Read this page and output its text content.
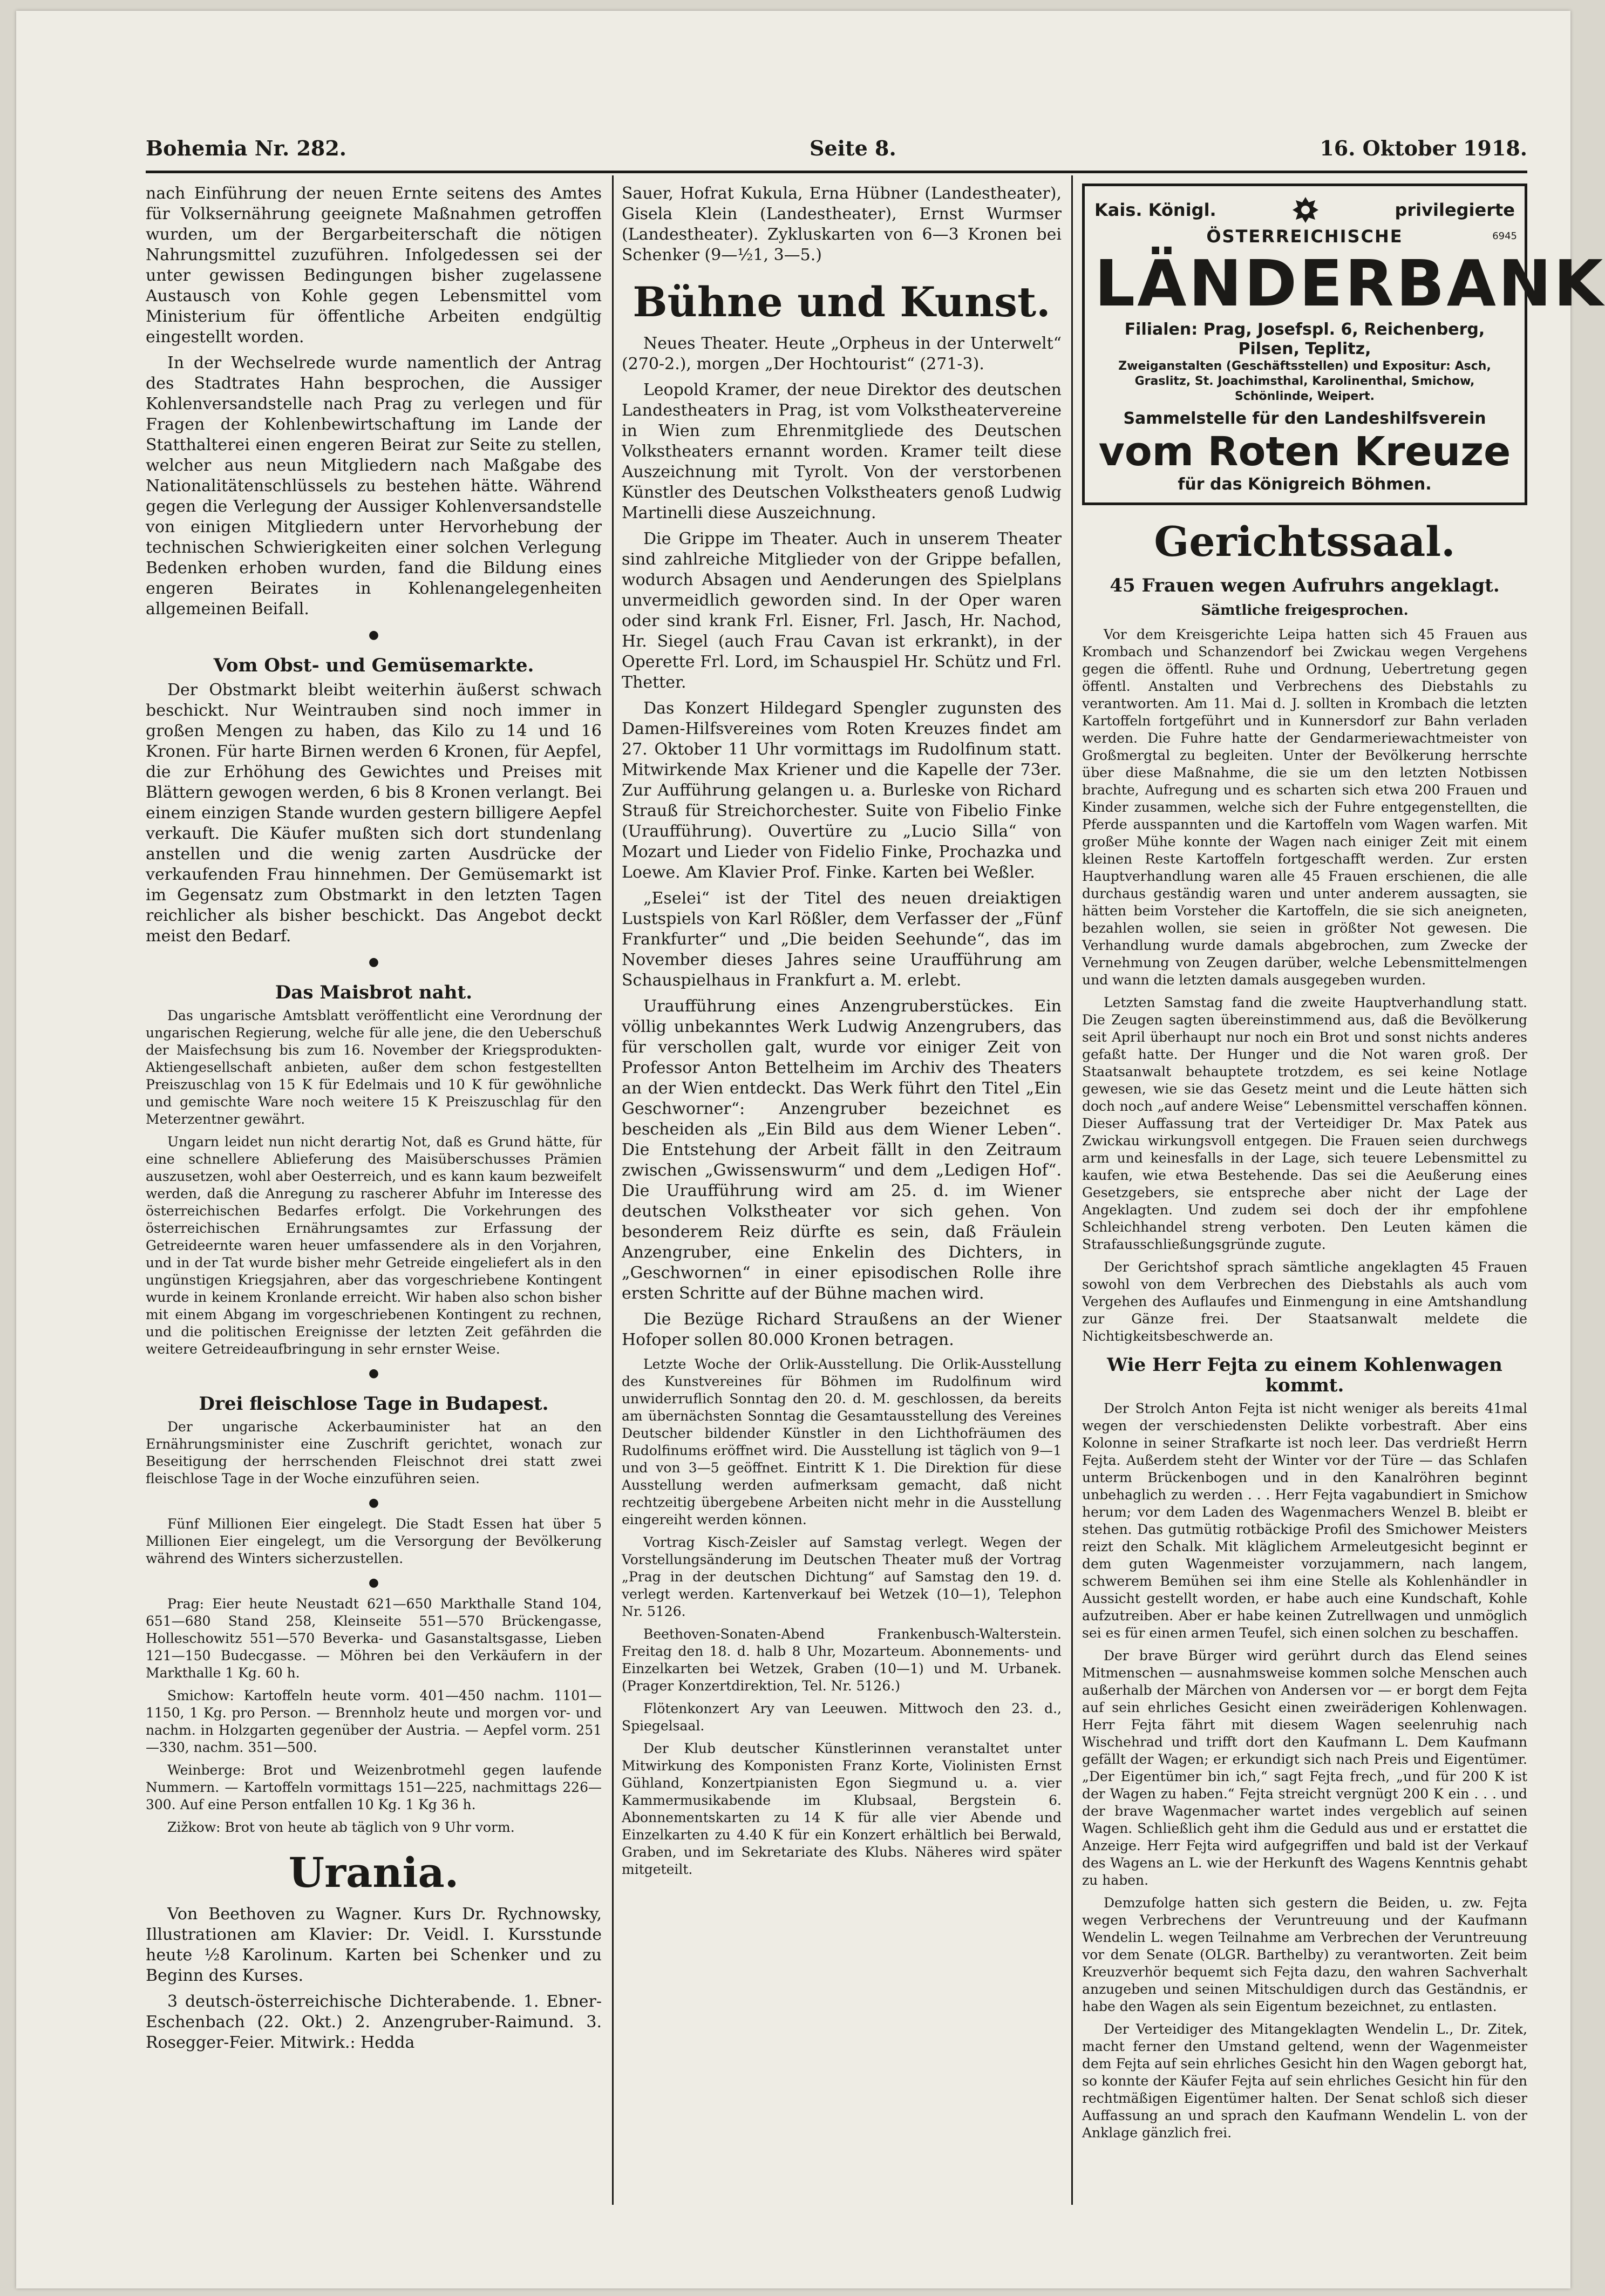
Bohemia Nr. 282.	Seite 8.	16. Oktober 1918.

nach Einführung der neuen Ernte seitens des Amtes für Volksernährung geeignete Maßnahmen getroffen wurden, um der Bergarbeiterschaft die nötigen Nahrungsmittel zuzuführen. Infolgedessen sei der unter gewissen Bedingungen bisher zugelassene Austausch von Kohle gegen Lebensmittel vom Ministerium für öffentliche Arbeiten endgültig eingestellt worden.

In der Wechselrede wurde namentlich der Antrag des Stadtrates Hahn besprochen, die Aussiger Kohlenversandstelle nach Prag zu verlegen und für Fragen der Kohlenbewirtschaftung im Lande der Statthalterei einen engeren Beirat zur Seite zu stellen, welcher aus neun Mitgliedern nach Maßgabe des Nationalitätenschlüssels zu bestehen hätte. Während gegen die Verlegung der Aussiger Kohlenversandstelle von einigen Mitgliedern unter Hervorhebung der technischen Schwierigkeiten einer solchen Verlegung Bedenken erhoben wurden, fand die Bildung eines engeren Beirates in Kohlenangelegenheiten allgemeinen Beifall.

●
Vom Obst- und Gemüsemarkte.

Der Obstmarkt bleibt weiterhin äußerst schwach beschickt. Nur Weintrauben sind noch immer in großen Mengen zu haben, das Kilo zu 14 und 16 Kronen. Für harte Birnen werden 6 Kronen, für Aepfel, die zur Erhöhung des Gewichtes und Preises mit Blättern gewogen werden, 6 bis 8 Kronen verlangt. Bei einem einzigen Stande wurden gestern billigere Aepfel verkauft. Die Käufer mußten sich dort stundenlang anstellen und die wenig zarten Ausdrücke der verkaufenden Frau hinnehmen. Der Gemüsemarkt ist im Gegensatz zum Obstmarkt in den letzten Tagen reichlicher als bisher beschickt. Das Angebot deckt meist den Bedarf.

●
Das Maisbrot naht.

Das ungarische Amtsblatt veröffentlicht eine Verordnung der ungarischen Regierung, welche für alle jene, die den Ueberschuß der Maisfechsung bis zum 16. November der Kriegsprodukten-Aktiengesellschaft anbieten, außer dem schon festgestellten Preiszuschlag von 15 K für Edelmais und 10 K für gewöhnliche und gemischte Ware noch weitere 15 K Preiszuschlag für den Meterzentner gewährt.

Ungarn leidet nun nicht derartig Not, daß es Grund hätte, für eine schnellere Ablieferung des Maisüberschusses Prämien auszusetzen, wohl aber Oesterreich, und es kann kaum bezweifelt werden, daß die Anregung zu rascherer Abfuhr im Interesse des österreichischen Bedarfes erfolgt. Die Vorkehrungen des österreichischen Ernährungsamtes zur Erfassung der Getreideernte waren heuer umfassendere als in den Vorjahren, und in der Tat wurde bisher mehr Getreide eingeliefert als in den ungünstigen Kriegsjahren, aber das vorgeschriebene Kontingent wurde in keinem Kronlande erreicht. Wir haben also schon bisher mit einem Abgang im vorgeschriebenen Kontingent zu rechnen, und die politischen Ereignisse der letzten Zeit gefährden die weitere Getreideaufbringung in sehr ernster Weise.

●
Drei fleischlose Tage in Budapest.

Der ungarische Ackerbauminister hat an den Ernährungsminister eine Zuschrift gerichtet, wonach zur Beseitigung der herrschenden Fleischnot drei statt zwei fleischlose Tage in der Woche einzuführen seien.

●

Fünf Millionen Eier eingelegt. Die Stadt Essen hat über 5 Millionen Eier eingelegt, um die Versorgung der Bevölkerung während des Winters sicherzustellen.

●

Prag: Eier heute Neustadt 621—650 Markthalle Stand 104, 651—680 Stand 258, Kleinseite 551—570 Brückengasse, Holleschowitz 551—570 Beverka- und Gasanstaltsgasse, Lieben 121—150 Budecgasse. — Möhren bei den Verkäufern in der Markthalle 1 Kg. 60 h.

Smichow: Kartoffeln heute vorm. 401—450 nachm. 1101—1150, 1 Kg. pro Person. — Brennholz heute und morgen vor- und nachm. in Holzgarten gegenüber der Austria. — Aepfel vorm. 251—330, nachm. 351—500.

Weinberge: Brot und Weizenbrotmehl gegen laufende Nummern. — Kartoffeln vormittags 151—225, nachmittags 226—300. Auf eine Person entfallen 10 Kg. 1 Kg 36 h.

Zižkow: Brot von heute ab täglich von 9 Uhr vorm.

Urania.

Von Beethoven zu Wagner. Kurs Dr. Rychnowsky, Illustrationen am Klavier: Dr. Veidl. I. Kursstunde heute ½8 Karolinum. Karten bei Schenker und zu Beginn des Kurses.

3 deutsch-österreichische Dichterabende. 1. Ebner-Eschenbach (22. Okt.) 2. Anzengruber-Raimund. 3. Rosegger-Feier. Mitwirk.: Hedda

Sauer, Hofrat Kukula, Erna Hübner (Landestheater), Gisela Klein (Landestheater), Ernst Wurmser (Landestheater). Zykluskarten von 6—3 Kronen bei Schenker (9—½1, 3—5.)

Bühne und Kunst.

Neues Theater. Heute „Orpheus in der Unterwelt“ (270-2.), morgen „Der Hochtourist“ (271-3).

Leopold Kramer, der neue Direktor des deutschen Landestheaters in Prag, ist vom Volkstheatervereine in Wien zum Ehrenmitgliede des Deutschen Volkstheaters ernannt worden. Kramer teilt diese Auszeichnung mit Tyrolt. Von der verstorbenen Künstler des Deutschen Volkstheaters genoß Ludwig Martinelli diese Auszeichnung.

Die Grippe im Theater. Auch in unserem Theater sind zahlreiche Mitglieder von der Grippe befallen, wodurch Absagen und Aenderungen des Spielplans unvermeidlich geworden sind. In der Oper waren oder sind krank Frl. Eisner, Frl. Jasch, Hr. Nachod, Hr. Siegel (auch Frau Cavan ist erkrankt), in der Operette Frl. Lord, im Schauspiel Hr. Schütz und Frl. Thetter.

Das Konzert Hildegard Spengler zugunsten des Damen-Hilfsvereines vom Roten Kreuzes findet am 27. Oktober 11 Uhr vormittags im Rudolfinum statt. Mitwirkende Max Kriener und die Kapelle der 73er. Zur Aufführung gelangen u. a. Burleske von Richard Strauß für Streichorchester. Suite von Fibelio Finke (Uraufführung). Ouvertüre zu „Lucio Silla“ von Mozart und Lieder von Fidelio Finke, Prochazka und Loewe. Am Klavier Prof. Finke. Karten bei Weßler.

„Eselei“ ist der Titel des neuen dreiaktigen Lustspiels von Karl Rößler, dem Verfasser der „Fünf Frankfurter“ und „Die beiden Seehunde“, das im November dieses Jahres seine Uraufführung am Schauspielhaus in Frankfurt a. M. erlebt.

Uraufführung eines Anzengruberstückes. Ein völlig unbekanntes Werk Ludwig Anzengrubers, das für verschollen galt, wurde vor einiger Zeit von Professor Anton Bettelheim im Archiv des Theaters an der Wien entdeckt. Das Werk führt den Titel „Ein Geschworner“: Anzengruber bezeichnet es bescheiden als „Ein Bild aus dem Wiener Leben“. Die Entstehung der Arbeit fällt in den Zeitraum zwischen „Gwissenswurm“ und dem „Ledigen Hof“. Die Uraufführung wird am 25. d. im Wiener deutschen Volkstheater vor sich gehen. Von besonderem Reiz dürfte es sein, daß Fräulein Anzengruber, eine Enkelin des Dichters, in „Geschwornen“ in einer episodischen Rolle ihre ersten Schritte auf der Bühne machen wird.

Die Bezüge Richard Straußens an der Wiener Hofoper sollen 80.000 Kronen betragen.

Letzte Woche der Orlik-Ausstellung. Die Orlik-Ausstellung des Kunstvereines für Böhmen im Rudolfinum wird unwiderruflich Sonntag den 20. d. M. geschlossen, da bereits am übernächsten Sonntag die Gesamtausstellung des Vereines Deutscher bildender Künstler in den Lichthofräumen des Rudolfinums eröffnet wird. Die Ausstellung ist täglich von 9—1 und von 3—5 geöffnet. Eintritt K 1. Die Direktion für diese Ausstellung werden aufmerksam gemacht, daß nicht rechtzeitig übergebene Arbeiten nicht mehr in die Ausstellung eingereiht werden können.

Vortrag Kisch-Zeisler auf Samstag verlegt. Wegen der Vorstellungsänderung im Deutschen Theater muß der Vortrag „Prag in der deutschen Dichtung“ auf Samstag den 19. d. verlegt werden. Kartenverkauf bei Wetzek (10—1), Telephon Nr. 5126.

Beethoven-Sonaten-Abend Frankenbusch-Walterstein. Freitag den 18. d. halb 8 Uhr, Mozarteum. Abonnements- und Einzelkarten bei Wetzek, Graben (10—1) und M. Urbanek. (Prager Konzertdirektion, Tel. Nr. 5126.)

Flötenkonzert Ary van Leeuwen. Mittwoch den 23. d., Spiegelsaal.

Der Klub deutscher Künstlerinnen veranstaltet unter Mitwirkung des Komponisten Franz Korte, Violinisten Ernst Gühland, Konzertpianisten Egon Siegmund u. a. vier Kammermusikabende im Klubsaal, Bergstein 6. Abonnementskarten zu 14 K für alle vier Abende und Einzelkarten zu 4.40 K für ein Konzert erhältlich bei Berwald, Graben, und im Sekretariate des Klubs. Näheres wird später mitgeteilt.

Kais. Königl.	privilegierte
ÖSTERREICHISCHE	6945
LÄNDERBANK
Filialen: Prag, Josefspl. 6, Reichenberg, Pilsen, Teplitz,
Zweiganstalten (Geschäftsstellen) und Expositur: Asch, Graslitz, St. Joachimsthal, Karolinenthal, Smichow, Schönlinde, Weipert.
Sammelstelle für den Landeshilfsverein
vom Roten Kreuze
für das Königreich Böhmen.
Gerichtssaal.
45 Frauen wegen Aufruhrs angeklagt.
Sämtliche freigesprochen.

Vor dem Kreisgerichte Leipa hatten sich 45 Frauen aus Krombach und Schanzendorf bei Zwickau wegen Vergehens gegen die öffentl. Ruhe und Ordnung, Uebertretung gegen öffentl. Anstalten und Verbrechens des Diebstahls zu verantworten. Am 11. Mai d. J. sollten in Krombach die letzten Kartoffeln fortgeführt und in Kunnersdorf zur Bahn verladen werden. Die Fuhre hatte der Gendarmeriewachtmeister von Großmergtal zu begleiten. Unter der Bevölkerung herrschte über diese Maßnahme, die sie um den letzten Notbissen brachte, Aufregung und es scharten sich etwa 200 Frauen und Kinder zusammen, welche sich der Fuhre entgegenstellten, die Pferde ausspannten und die Kartoffeln vom Wagen warfen. Mit großer Mühe konnte der Wagen nach einiger Zeit mit einem kleinen Reste Kartoffeln fortgeschafft werden. Zur ersten Hauptverhandlung waren alle 45 Frauen erschienen, die alle durchaus geständig waren und unter anderem aussagten, sie hätten beim Vorsteher die Kartoffeln, die sie sich aneigneten, bezahlen wollen, sie seien in größter Not gewesen. Die Verhandlung wurde damals abgebrochen, zum Zwecke der Vernehmung von Zeugen darüber, welche Lebensmittelmengen und wann die letzten damals ausgegeben wurden.

Letzten Samstag fand die zweite Hauptverhandlung statt. Die Zeugen sagten übereinstimmend aus, daß die Bevölkerung seit April überhaupt nur noch ein Brot und sonst nichts anderes gefaßt hatte. Der Hunger und die Not waren groß. Der Staatsanwalt behauptete trotzdem, es sei keine Notlage gewesen, wie sie das Gesetz meint und die Leute hätten sich doch noch „auf andere Weise“ Lebensmittel verschaffen können. Dieser Auffassung trat der Verteidiger Dr. Max Patek aus Zwickau wirkungsvoll entgegen. Die Frauen seien durchwegs arm und keinesfalls in der Lage, sich teuere Lebensmittel zu kaufen, wie etwa Bestehende. Das sei die Aeußerung eines Gesetzgebers, sie entspreche aber nicht der Lage der Angeklagten. Und zudem sei doch der ihr empfohlene Schleichhandel streng verboten. Den Leuten kämen die Strafausschließungsgründe zugute.

Der Gerichtshof sprach sämtliche angeklagten 45 Frauen sowohl von dem Verbrechen des Diebstahls als auch vom Vergehen des Auflaufes und Einmengung in eine Amtshandlung zur Gänze frei. Der Staatsanwalt meldete die Nichtigkeitsbeschwerde an.

Wie Herr Fejta zu einem Kohlenwagen kommt.

Der Strolch Anton Fejta ist nicht weniger als bereits 41mal wegen der verschiedensten Delikte vorbestraft. Aber eins Kolonne in seiner Strafkarte ist noch leer. Das verdrießt Herrn Fejta. Außerdem steht der Winter vor der Türe — das Schlafen unterm Brückenbogen und in den Kanalröhren beginnt unbehaglich zu werden . . . Herr Fejta vagabundiert in Smichow herum; vor dem Laden des Wagenmachers Wenzel B. bleibt er stehen. Das gutmütig rotbäckige Profil des Smichower Meisters reizt den Schalk. Mit kläglichem Armeleutgesicht beginnt er dem guten Wagenmeister vorzujammern, nach langem, schwerem Bemühen sei ihm eine Stelle als Kohlenhändler in Aussicht gestellt worden, er habe auch eine Kundschaft, Kohle aufzutreiben. Aber er habe keinen Zutrellwagen und unmöglich sei es für einen armen Teufel, sich einen solchen zu beschaffen.

Der brave Bürger wird gerührt durch das Elend seines Mitmenschen — ausnahmsweise kommen solche Menschen auch außerhalb der Märchen von Andersen vor — er borgt dem Fejta auf sein ehrliches Gesicht einen zweiräderigen Kohlenwagen. Herr Fejta fährt mit diesem Wagen seelenruhig nach Wischehrad und trifft dort den Kaufmann L. Dem Kaufmann gefällt der Wagen; er erkundigt sich nach Preis und Eigentümer. „Der Eigentümer bin ich,“ sagt Fejta frech, „und für 200 K ist der Wagen zu haben.“ Fejta streicht vergnügt 200 K ein . . . und der brave Wagenmacher wartet indes vergeblich auf seinen Wagen. Schließlich geht ihm die Geduld aus und er erstattet die Anzeige. Herr Fejta wird aufgegriffen und bald ist der Verkauf des Wagens an L. wie der Herkunft des Wagens Kenntnis gehabt zu haben.

Demzufolge hatten sich gestern die Beiden, u. zw. Fejta wegen Verbrechens der Veruntreuung und der Kaufmann Wendelin L. wegen Teilnahme am Verbrechen der Veruntreuung vor dem Senate (OLGR. Barthelby) zu verantworten. Zeit beim Kreuzverhör bequemt sich Fejta dazu, den wahren Sachverhalt anzugeben und seinen Mitschuldigen durch das Geständnis, er habe den Wagen als sein Eigentum bezeichnet, zu entlasten.

Der Verteidiger des Mitangeklagten Wendelin L., Dr. Zitek, macht ferner den Umstand geltend, wenn der Wagenmeister dem Fejta auf sein ehrliches Gesicht hin den Wagen geborgt hat, so konnte der Käufer Fejta auf sein ehrliches Gesicht hin für den rechtmäßigen Eigentümer halten. Der Senat schloß sich dieser Auffassung an und sprach den Kaufmann Wendelin L. von der Anklage gänzlich frei.
